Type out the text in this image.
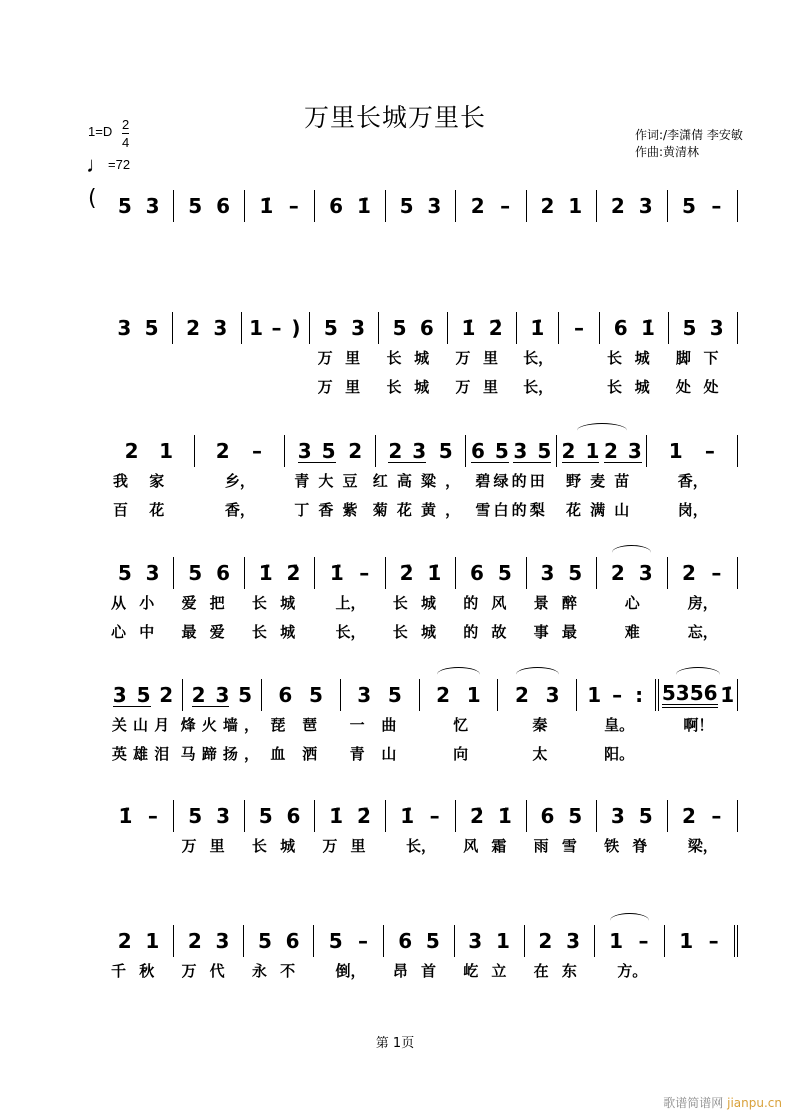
万里长城万里长
1=D 2
4
♩=72
作词:/李潇倩 李安敏
作曲:黄清林
( 5 3 5 6 1̇ – 6 1̇ 5 3 2 – 2 1 2 3 5 –
3 5 2 3 1 – ) 5 3 5 6 1̇ 2̇ 1̇ – 6 1̇ 5 3
万里 长城 万里 长，	长城 脚下
万里 长城 万里 长，	长城 处处
2 1 2 – 3 5 2 2 3 5 6 5 3 5 2 1 2 3 1 –
我家	乡，	青大豆 红高粱， 碧绿的田 野麦苗	香，
百花	香，	丁香紫 菊花黄， 雪白的梨 花满山	岗，
5 3 5 6 1̇ 2̇ 1̇ – 2̇ 1̇ 6 5 3 5 2 3 2 –
从小 爱把 长城 上， 长城 的风 景醉 心	房，
心中 最爱 长城 长， 长城 的故 事最 难	忘，
3 5 2 2 3 5 6 5 3 5 2 1 2 3 1 – : 5356 1̇
关山月 烽火墙， 琵琶 一曲	忆	秦	皇。	啊！
英雄泪 马蹄扬， 血洒 青山	向	太	阳。
1̇ – 5 3 5 6 1̇ 2̇ 1̇ – 2̇ 1̇ 6 5 3 5 2 –
万里 长城 万里 长， 风霜 雨雪 铁脊 梁，
2 1 2 3 5 6 5 – 6 5 3 1 2 3 1 – 1 –
千秋 万代 永不 倒， 昂首 屹立 在东 方。
第 1页
歌谱简谱网 jianpu.cn
